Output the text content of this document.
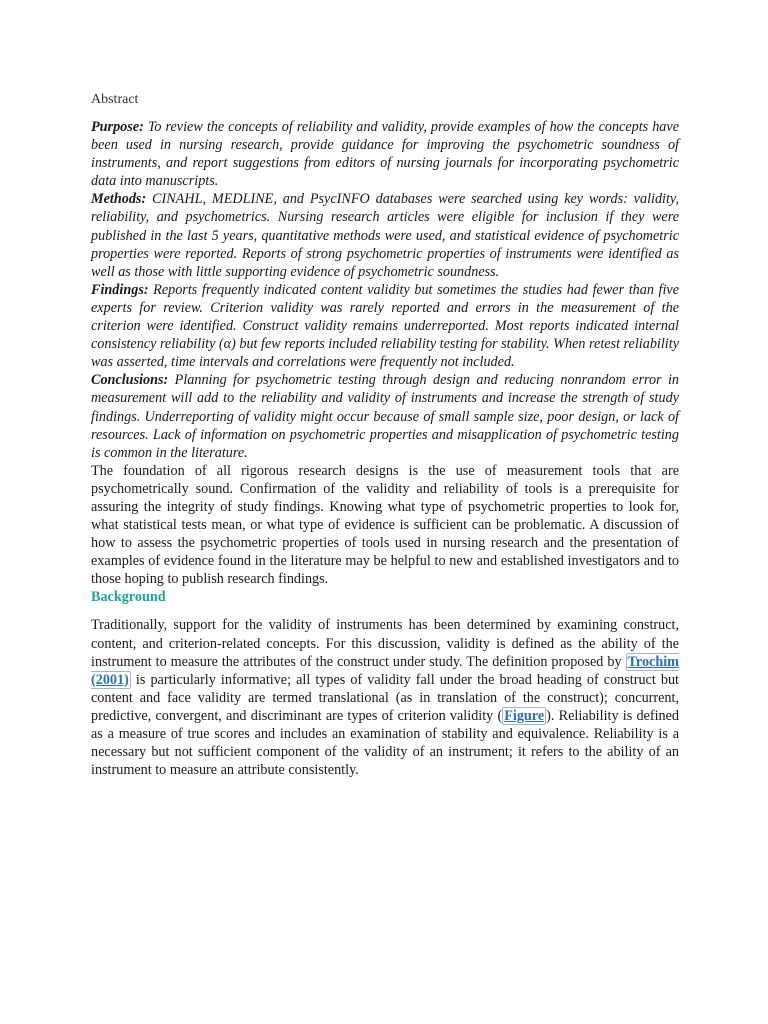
Abstract

Purpose: To review the concepts of reliability and validity, provide examples of how the concepts have been used in nursing research, provide guidance for improving the psychometric soundness of instruments, and report suggestions from editors of nursing journals for incorporating psychometric data into manuscripts.
Methods: CINAHL, MEDLINE, and PsycINFO databases were searched using key words: validity, reliability, and psychometrics. Nursing research articles were eligible for inclusion if they were published in the last 5 years, quantitative methods were used, and statistical evidence of psychometric properties were reported. Reports of strong psychometric properties of instruments were identified as well as those with little supporting evidence of psychometric soundness.
Findings: Reports frequently indicated content validity but sometimes the studies had fewer than five experts for review. Criterion validity was rarely reported and errors in the measurement of the criterion were identified. Construct validity remains underreported. Most reports indicated internal consistency reliability (α) but few reports included reliability testing for stability. When retest reliability was asserted, time intervals and correlations were frequently not included.
Conclusions: Planning for psychometric testing through design and reducing nonrandom error in measurement will add to the reliability and validity of instruments and increase the strength of study findings. Underreporting of validity might occur because of small sample size, poor design, or lack of resources. Lack of information on psychometric properties and misapplication of psychometric testing is common in the literature.

The foundation of all rigorous research designs is the use of measurement tools that are psychometrically sound. Confirmation of the validity and reliability of tools is a prerequisite for assuring the integrity of study findings. Knowing what type of psychometric properties to look for, what statistical tests mean, or what type of evidence is sufficient can be problematic. A discussion of how to assess the psychometric properties of tools used in nursing research and the presentation of examples of evidence found in the literature may be helpful to new and established investigators and to those hoping to publish research findings.

Background

Traditionally, support for the validity of instruments has been determined by examining construct, content, and criterion-related concepts. For this discussion, validity is defined as the ability of the instrument to measure the attributes of the construct under study. The definition proposed by Trochim (2001) is particularly informative; all types of validity fall under the broad heading of construct but content and face validity are termed translational (as in translation of the construct); concurrent, predictive, convergent, and discriminant are types of criterion validity ( Figure ). Reliability is defined as a measure of true scores and includes an examination of stability and equivalence. Reliability is a necessary but not sufficient component of the validity of an instrument; it refers to the ability of an instrument to measure an attribute consistently.
